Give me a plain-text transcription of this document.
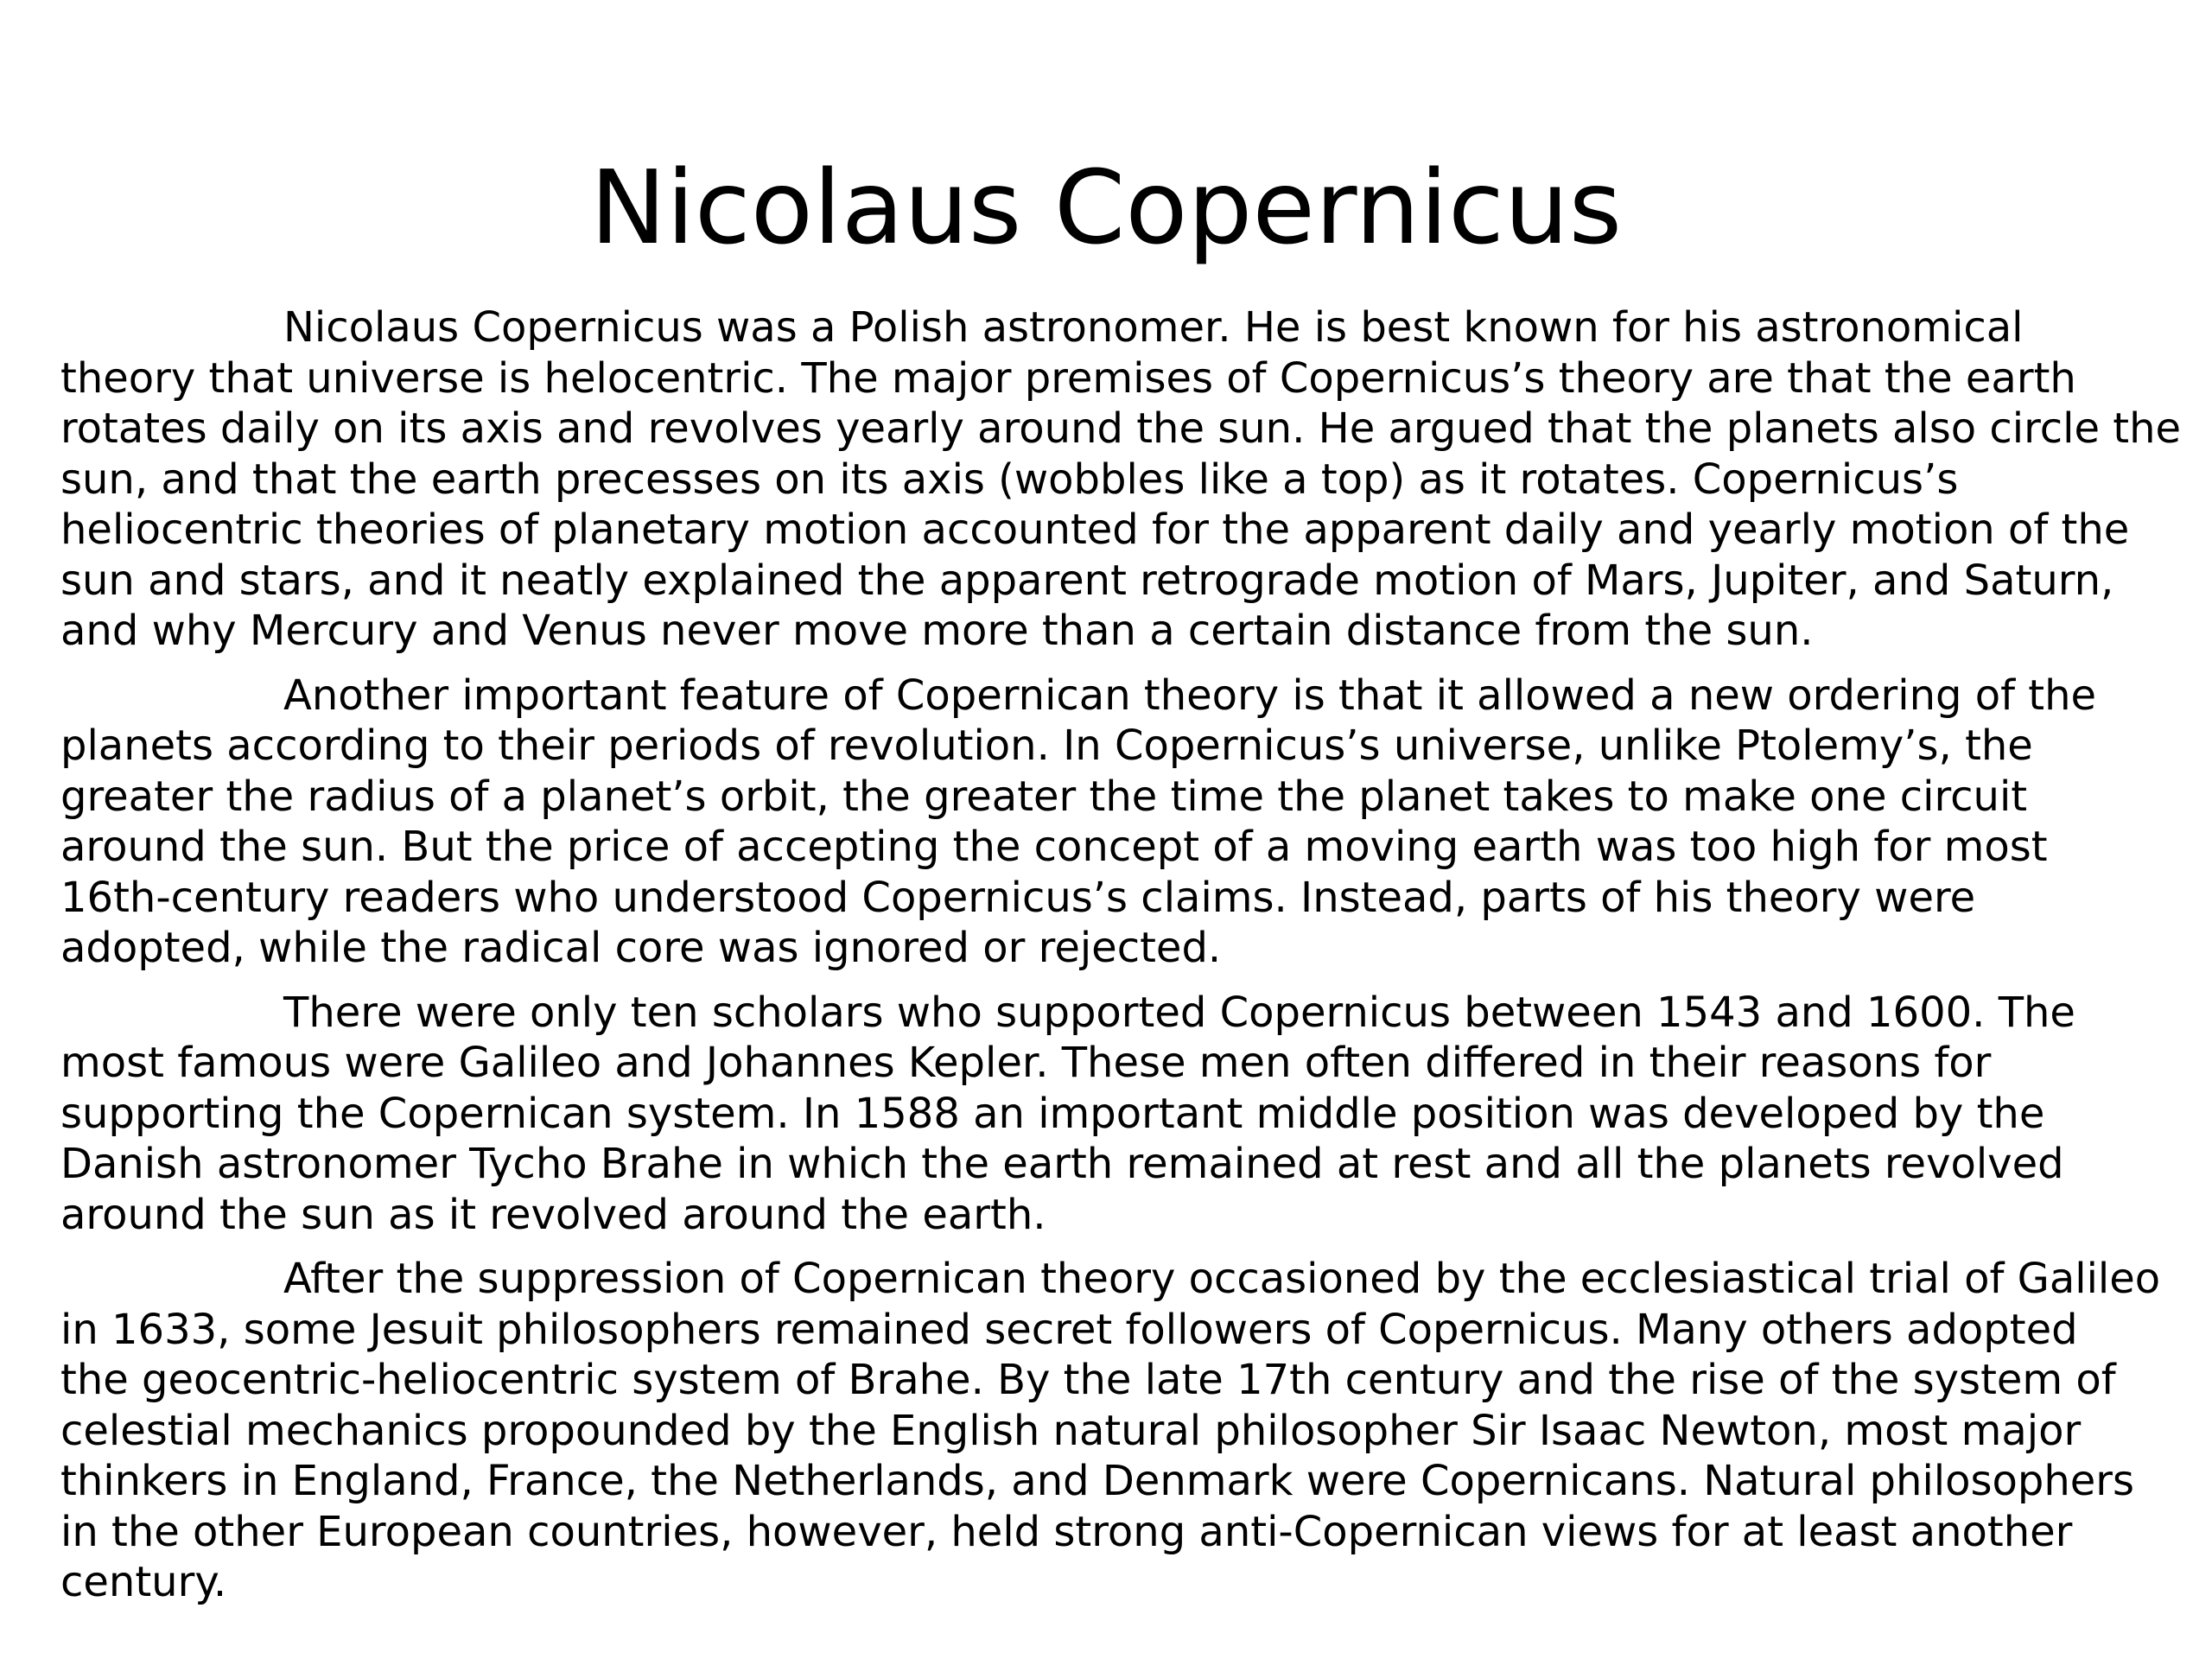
Nicolaus Copernicus
Nicolaus Copernicus was a Polish astronomer. He is best known for his astronomical
theory that universe is helocentric. The major premises of Copernicus’s theory are that the earth
rotates daily on its axis and revolves yearly around the sun. He argued that the planets also circle the
sun, and that the earth precesses on its axis (wobbles like a top) as it rotates. Copernicus’s
heliocentric theories of planetary motion accounted for the apparent daily and yearly motion of the
sun and stars, and it neatly explained the apparent retrograde motion of Mars, Jupiter, and Saturn,
and why Mercury and Venus never move more than a certain distance from the sun.
Another important feature of Copernican theory is that it allowed a new ordering of the
planets according to their periods of revolution. In Copernicus’s universe, unlike Ptolemy’s, the
greater the radius of a planet’s orbit, the greater the time the planet takes to make one circuit
around the sun. But the price of accepting the concept of a moving earth was too high for most
16th-century readers who understood Copernicus’s claims. Instead, parts of his theory were
adopted, while the radical core was ignored or rejected.
There were only ten scholars who supported Copernicus between 1543 and 1600. The
most famous were Galileo and Johannes Kepler. These men often differed in their reasons for
supporting the Copernican system. In 1588 an important middle position was developed by the
Danish astronomer Tycho Brahe in which the earth remained at rest and all the planets revolved
around the sun as it revolved around the earth.
After the suppression of Copernican theory occasioned by the ecclesiastical trial of Galileo
in 1633, some Jesuit philosophers remained secret followers of Copernicus. Many others adopted
the geocentric-heliocentric system of Brahe. By the late 17th century and the rise of the system of
celestial mechanics propounded by the English natural philosopher Sir Isaac Newton, most major
thinkers in England, France, the Netherlands, and Denmark were Copernicans. Natural philosophers
in the other European countries, however, held strong anti-Copernican views for at least another
century.
